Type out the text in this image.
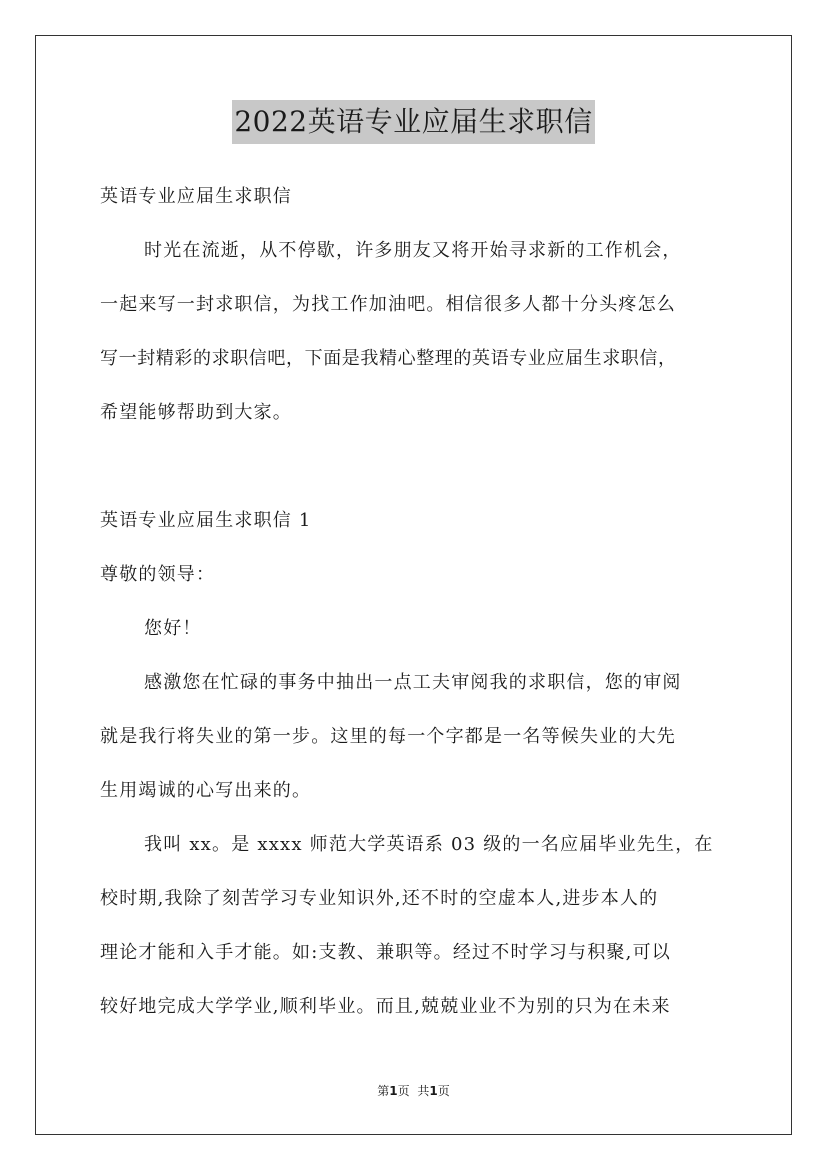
2022英语专业应届生求职信
英语专业应届生求职信
时光在流逝，从不停歇，许多朋友又将开始寻求新的工作机会，
一起来写一封求职信，为找工作加油吧。相信很多人都十分头疼怎么
写一封精彩的求职信吧，下面是我精心整理的英语专业应届生求职信，
希望能够帮助到大家。
英语专业应届生求职信 1
尊敬的领导：
您好！
感激您在忙碌的事务中抽出一点工夫审阅我的求职信，您的审阅
就是我行将失业的第一步。这里的每一个字都是一名等候失业的大先
生用竭诚的心写出来的。
我叫 xx。是 xxxx 师范大学英语系 03 级的一名应届毕业先生，在
校时期,我除了刻苦学习专业知识外,还不时的空虚本人,进步本人的
理论才能和入手才能。如:支教、兼职等。经过不时学习与积聚,可以
较好地完成大学学业,顺利毕业。而且,兢兢业业不为别的只为在未来
第1页 共1页
